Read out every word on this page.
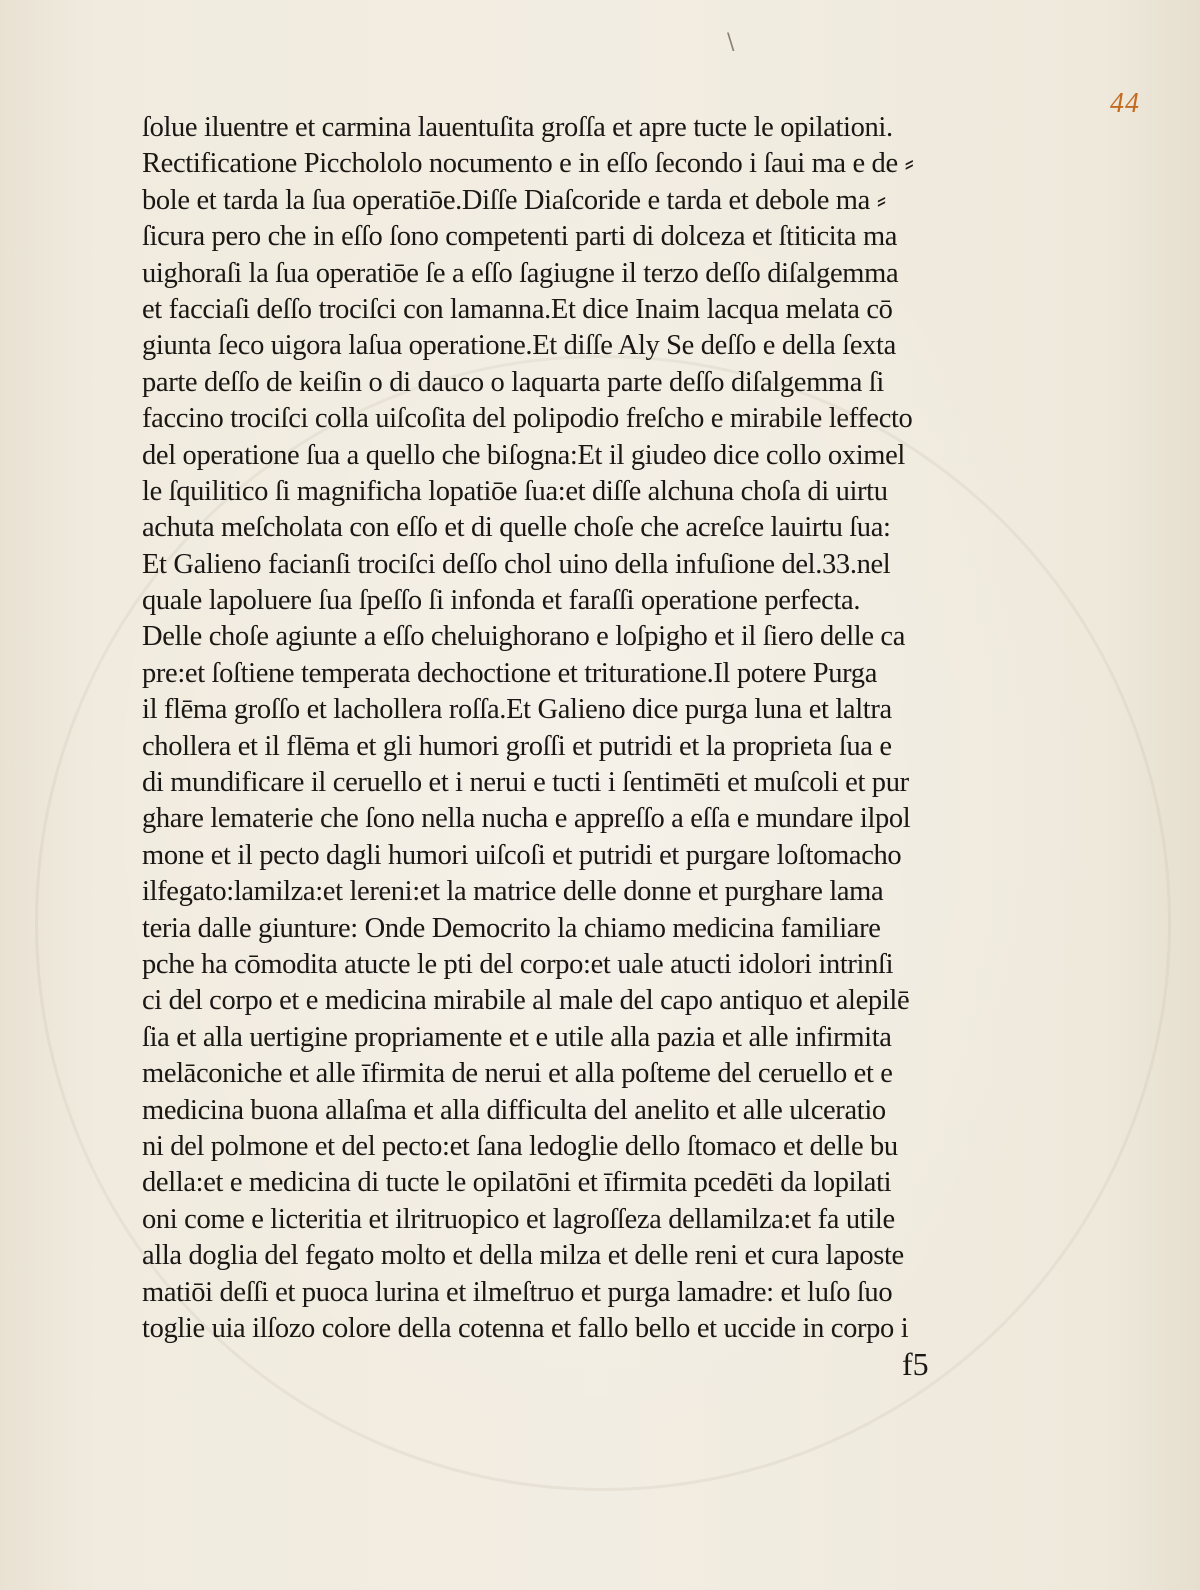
\
44
ſolue iluentre et carmina lauentuſita groſſa et apre tucte le opilationi.
Rectificatione Picchololo nocumento e in eſſo ſecondo i ſaui ma e de ⸗
bole et tarda la ſua operatiōe.Diſſe Diaſcoride e tarda et debole ma ⸗
ſicura pero che in eſſo ſono competenti parti di dolceza et ſtiticita ma
uighoraſi la ſua operatiōe ſe a eſſo ſagiugne il terzo deſſo diſalgemma
et facciaſi deſſo trociſci con lamanna.Et dice Inaim lacqua melata cō
giunta ſeco uigora laſua operatione.Et diſſe Aly Se deſſo e della ſexta
parte deſſo de keiſin o di dauco o laquarta parte deſſo diſalgemma ſi
faccino trociſci colla uiſcoſita del polipodio freſcho e mirabile leffecto
del operatione ſua a quello che biſogna:Et il giudeo dice collo oximel
le ſquilitico ſi magnificha lopatiōe ſua:et diſſe alchuna choſa di uirtu
achuta meſcholata con eſſo et di quelle choſe che acreſce lauirtu ſua:
Et Galieno facianſi trociſci deſſo chol uino della infuſione del.33.nel
quale lapoluere ſua ſpeſſo ſi infonda et faraſſi operatione perfecta.
Delle choſe agiunte a eſſo cheluighorano e loſpigho et il ſiero delle ca
pre:et ſoſtiene temperata dechoctione et trituratione.Il potere Purga
il flēma groſſo et lachollera roſſa.Et Galieno dice purga luna et laltra
chollera et il flēma et gli humori groſſi et putridi et la proprieta ſua e
di mundificare il ceruello et i nerui e tucti i ſentimēti et muſcoli et pur
ghare lematerie che ſono nella nucha e appreſſo a eſſa e mundare ilpol
mone et il pecto dagli humori uiſcoſi et putridi et purgare loſtomacho
ilfegato:lamilza:et lereni:et la matrice delle donne et purghare lama
teria dalle giunture: Onde Democrito la chiamo medicina familiare
pche ha cōmodita atucte le pti del corpo:et uale atucti idolori intrinſi
ci del corpo et e medicina mirabile al male del capo antiquo et alepilē
ſia et alla uertigine propriamente et e utile alla pazia et alle infirmita
melāconiche et alle īfirmita de nerui et alla poſteme del ceruello et e
medicina buona allaſma et alla difficulta del anelito et alle ulceratio
ni del polmone et del pecto:et ſana ledoglie dello ſtomaco et delle bu
della:et e medicina di tucte le opilatōni et īfirmita pcedēti da lopilati
oni come e licteritia et ilritruopico et lagroſſeza dellamilza:et fa utile
alla doglia del fegato molto et della milza et delle reni et cura laposte
matiōi deſſi et puoca lurina et ilmeſtruo et purga lamadre: et luſo ſuo
toglie uia ilſozo colore della cotenna et fallo bello et uccide in corpo i
f5
